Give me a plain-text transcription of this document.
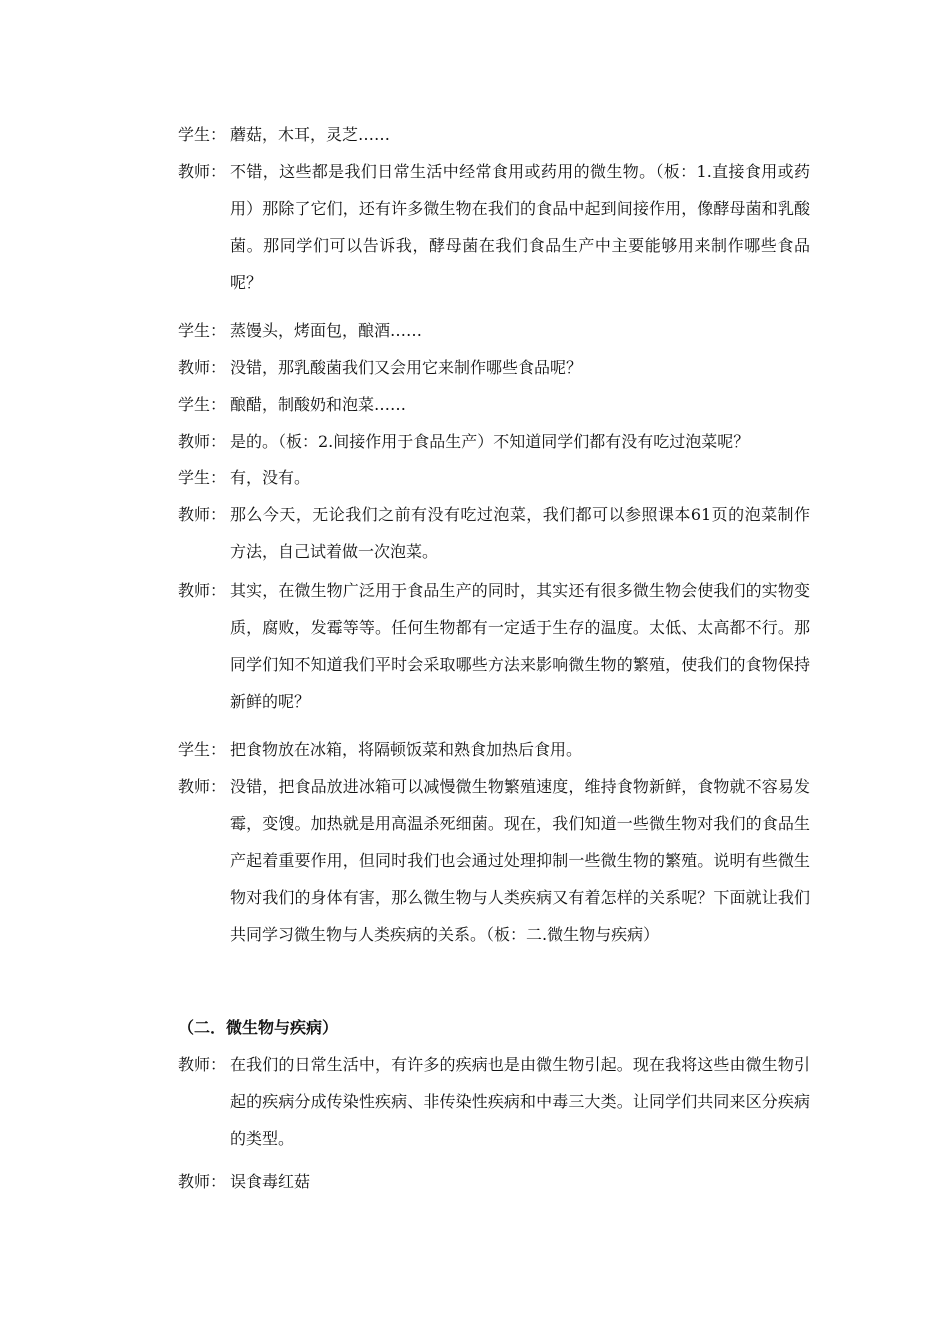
学生： 蘑菇，木耳，灵芝……
教师： 不错，这些都是我们日常生活中经常食用或药用的微生物。（板：1.直接食用或药用）那除了它们，还有许多微生物在我们的食品中起到间接作用，像酵母菌和乳酸菌。那同学们可以告诉我，酵母菌在我们食品生产中主要能够用来制作哪些食品呢？
学生： 蒸馒头，烤面包，酿酒……
教师： 没错，那乳酸菌我们又会用它来制作哪些食品呢？
学生： 酿醋，制酸奶和泡菜……
教师： 是的。（板：2.间接作用于食品生产）不知道同学们都有没有吃过泡菜呢？
学生： 有，没有。
教师： 那么今天，无论我们之前有没有吃过泡菜，我们都可以参照课本61页的泡菜制作方法，自己试着做一次泡菜。
教师： 其实，在微生物广泛用于食品生产的同时，其实还有很多微生物会使我们的实物变质，腐败，发霉等等。任何生物都有一定适于生存的温度。太低、太高都不行。那同学们知不知道我们平时会采取哪些方法来影响微生物的繁殖，使我们的食物保持新鲜的呢？
学生： 把食物放在冰箱，将隔顿饭菜和熟食加热后食用。
教师： 没错，把食品放进冰箱可以减慢微生物繁殖速度，维持食物新鲜，食物就不容易发霉，变馊。加热就是用高温杀死细菌。现在，我们知道一些微生物对我们的食品生产起着重要作用，但同时我们也会通过处理抑制一些微生物的繁殖。说明有些微生物对我们的身体有害，那么微生物与人类疾病又有着怎样的关系呢？下面就让我们共同学习微生物与人类疾病的关系。（板：二.微生物与疾病）
（二．微生物与疾病）
教师： 在我们的日常生活中，有许多的疾病也是由微生物引起。现在我将这些由微生物引起的疾病分成传染性疾病、非传染性疾病和中毒三大类。让同学们共同来区分疾病的类型。
教师： 误食毒红菇
